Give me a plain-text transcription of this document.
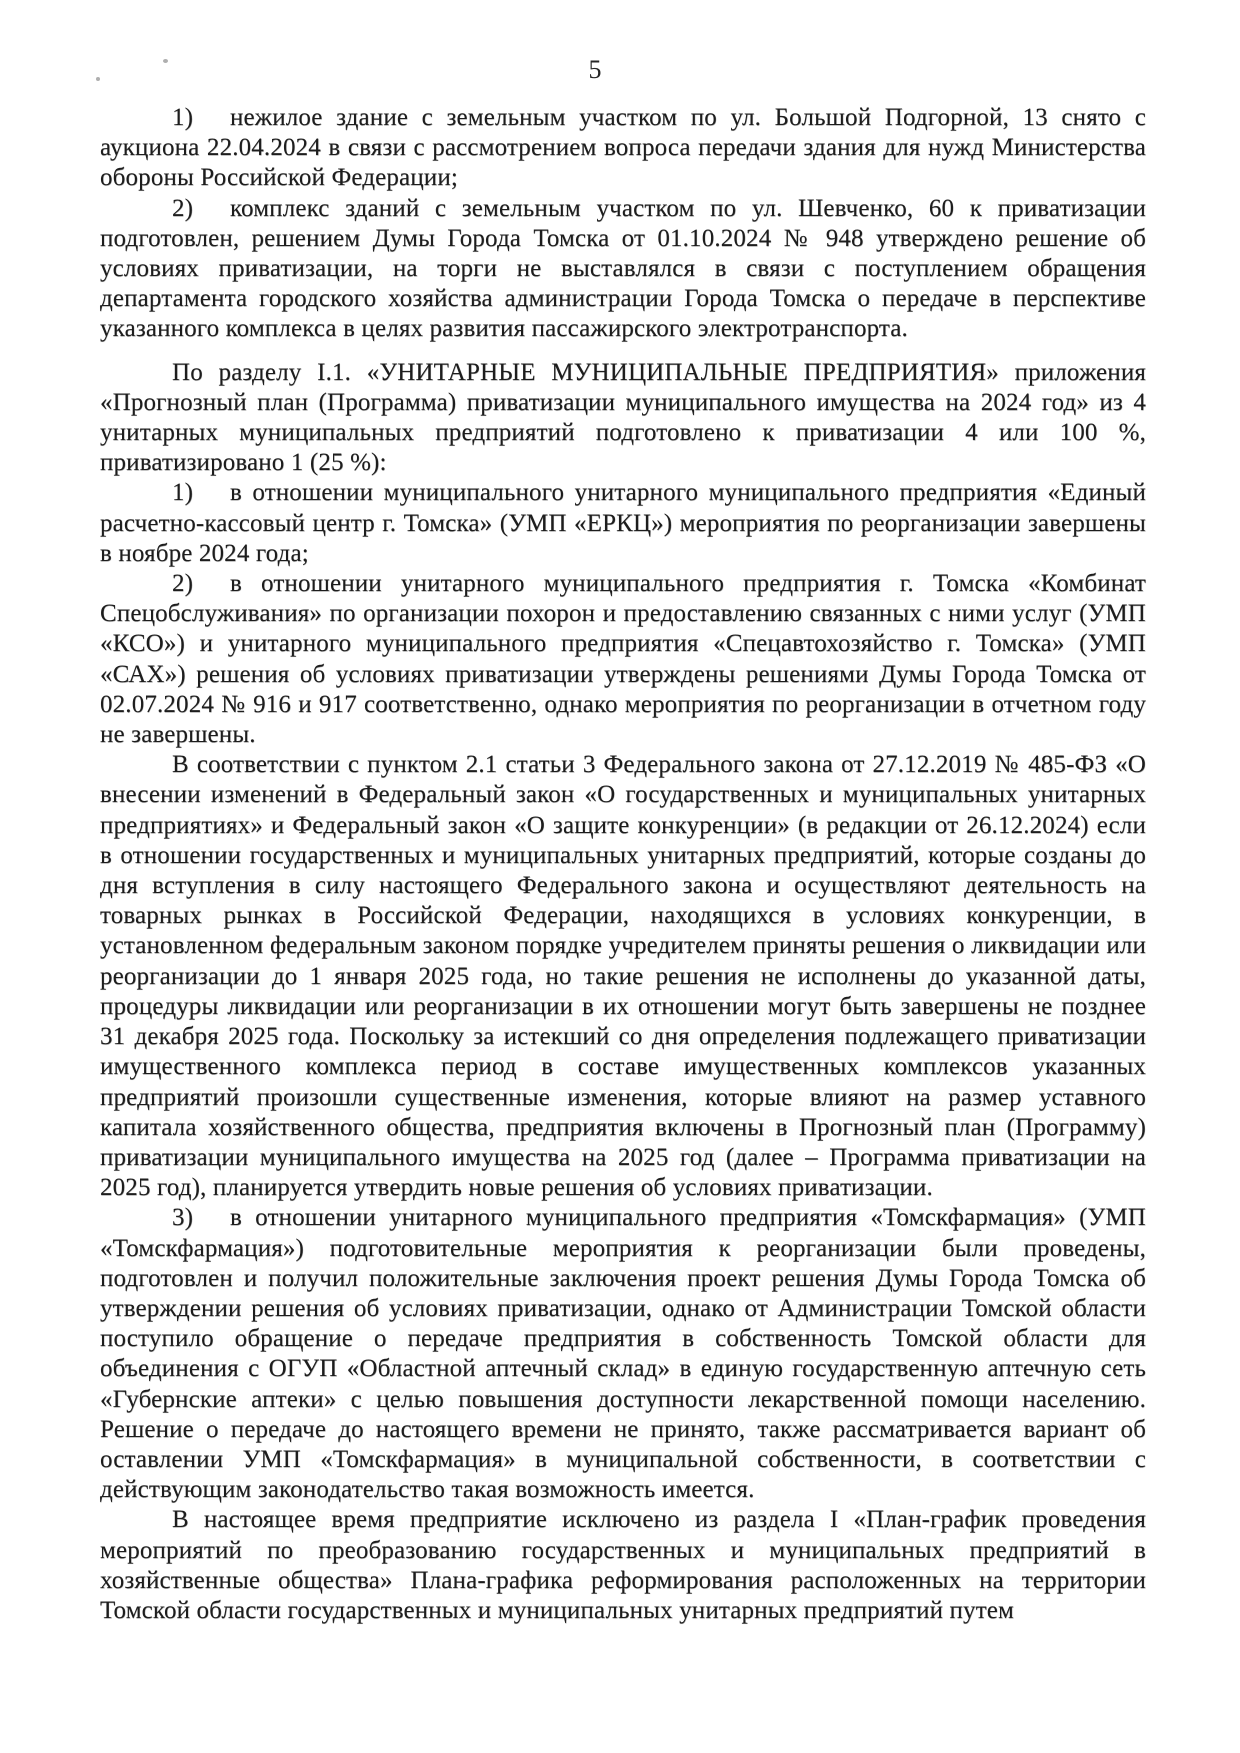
5

1) нежилое здание с земельным участком по ул. Большой Подгорной, 13 снято с аукциона 22.04.2024 в связи с рассмотрением вопроса передачи здания для нужд Министерства обороны Российской Федерации;

2) комплекс зданий с земельным участком по ул. Шевченко, 60 к приватизации подготовлен, решением Думы Города Томска от 01.10.2024 № 948 утверждено решение об условиях приватизации, на торги не выставлялся в связи с поступлением обращения департамента городского хозяйства администрации Города Томска о передаче в перспективе указанного комплекса в целях развития пассажирского электротранспорта.

По разделу I.1. «УНИТАРНЫЕ МУНИЦИПАЛЬНЫЕ ПРЕДПРИЯТИЯ» приложения «Прогнозный план (Программа) приватизации муниципального имущества на 2024 год» из 4 унитарных муниципальных предприятий подготовлено к приватизации 4 или 100 %, приватизировано 1 (25 %):

1) в отношении муниципального унитарного муниципального предприятия «Единый расчетно-кассовый центр г. Томска» (УМП «ЕРКЦ») мероприятия по реорганизации завершены в ноябре 2024 года;

2) в отношении унитарного муниципального предприятия г. Томска «Комбинат Спецобслуживания» по организации похорон и предоставлению связанных с ними услуг (УМП «КСО») и унитарного муниципального предприятия «Спецавтохозяйство г. Томска» (УМП «САХ») решения об условиях приватизации утверждены решениями Думы Города Томска от 02.07.2024 № 916 и 917 соответственно, однако мероприятия по реорганизации в отчетном году не завершены.

В соответствии с пунктом 2.1 статьи 3 Федерального закона от 27.12.2019 № 485-ФЗ «О внесении изменений в Федеральный закон «О государственных и муниципальных унитарных предприятиях» и Федеральный закон «О защите конкуренции» (в редакции от 26.12.2024) если в отношении государственных и муниципальных унитарных предприятий, которые созданы до дня вступления в силу настоящего Федерального закона и осуществляют деятельность на товарных рынках в Российской Федерации, находящихся в условиях конкуренции, в установленном федеральным законом порядке учредителем приняты решения о ликвидации или реорганизации до 1 января 2025 года, но такие решения не исполнены до указанной даты, процедуры ликвидации или реорганизации в их отношении могут быть завершены не позднее 31 декабря 2025 года. Поскольку за истекший со дня определения подлежащего приватизации имущественного комплекса период в составе имущественных комплексов указанных предприятий произошли существенные изменения, которые влияют на размер уставного капитала хозяйственного общества, предприятия включены в Прогнозный план (Программу) приватизации муниципального имущества на 2025 год (далее – Программа приватизации на 2025 год), планируется утвердить новые решения об условиях приватизации.

3) в отношении унитарного муниципального предприятия «Томскфармация» (УМП «Томскфармация») подготовительные мероприятия к реорганизации были проведены, подготовлен и получил положительные заключения проект решения Думы Города Томска об утверждении решения об условиях приватизации, однако от Администрации Томской области поступило обращение о передаче предприятия в собственность Томской области для объединения с ОГУП «Областной аптечный склад» в единую государственную аптечную сеть «Губернские аптеки» с целью повышения доступности лекарственной помощи населению. Решение о передаче до настоящего времени не принято, также рассматривается вариант об оставлении УМП «Томскфармация» в муниципальной собственности, в соответствии с действующим законодательство такая возможность имеется.

В настоящее время предприятие исключено из раздела I «План-график проведения мероприятий по преобразованию государственных и муниципальных предприятий в хозяйственные общества» Плана-графика реформирования расположенных на территории Томской области государственных и муниципальных унитарных предприятий путем
